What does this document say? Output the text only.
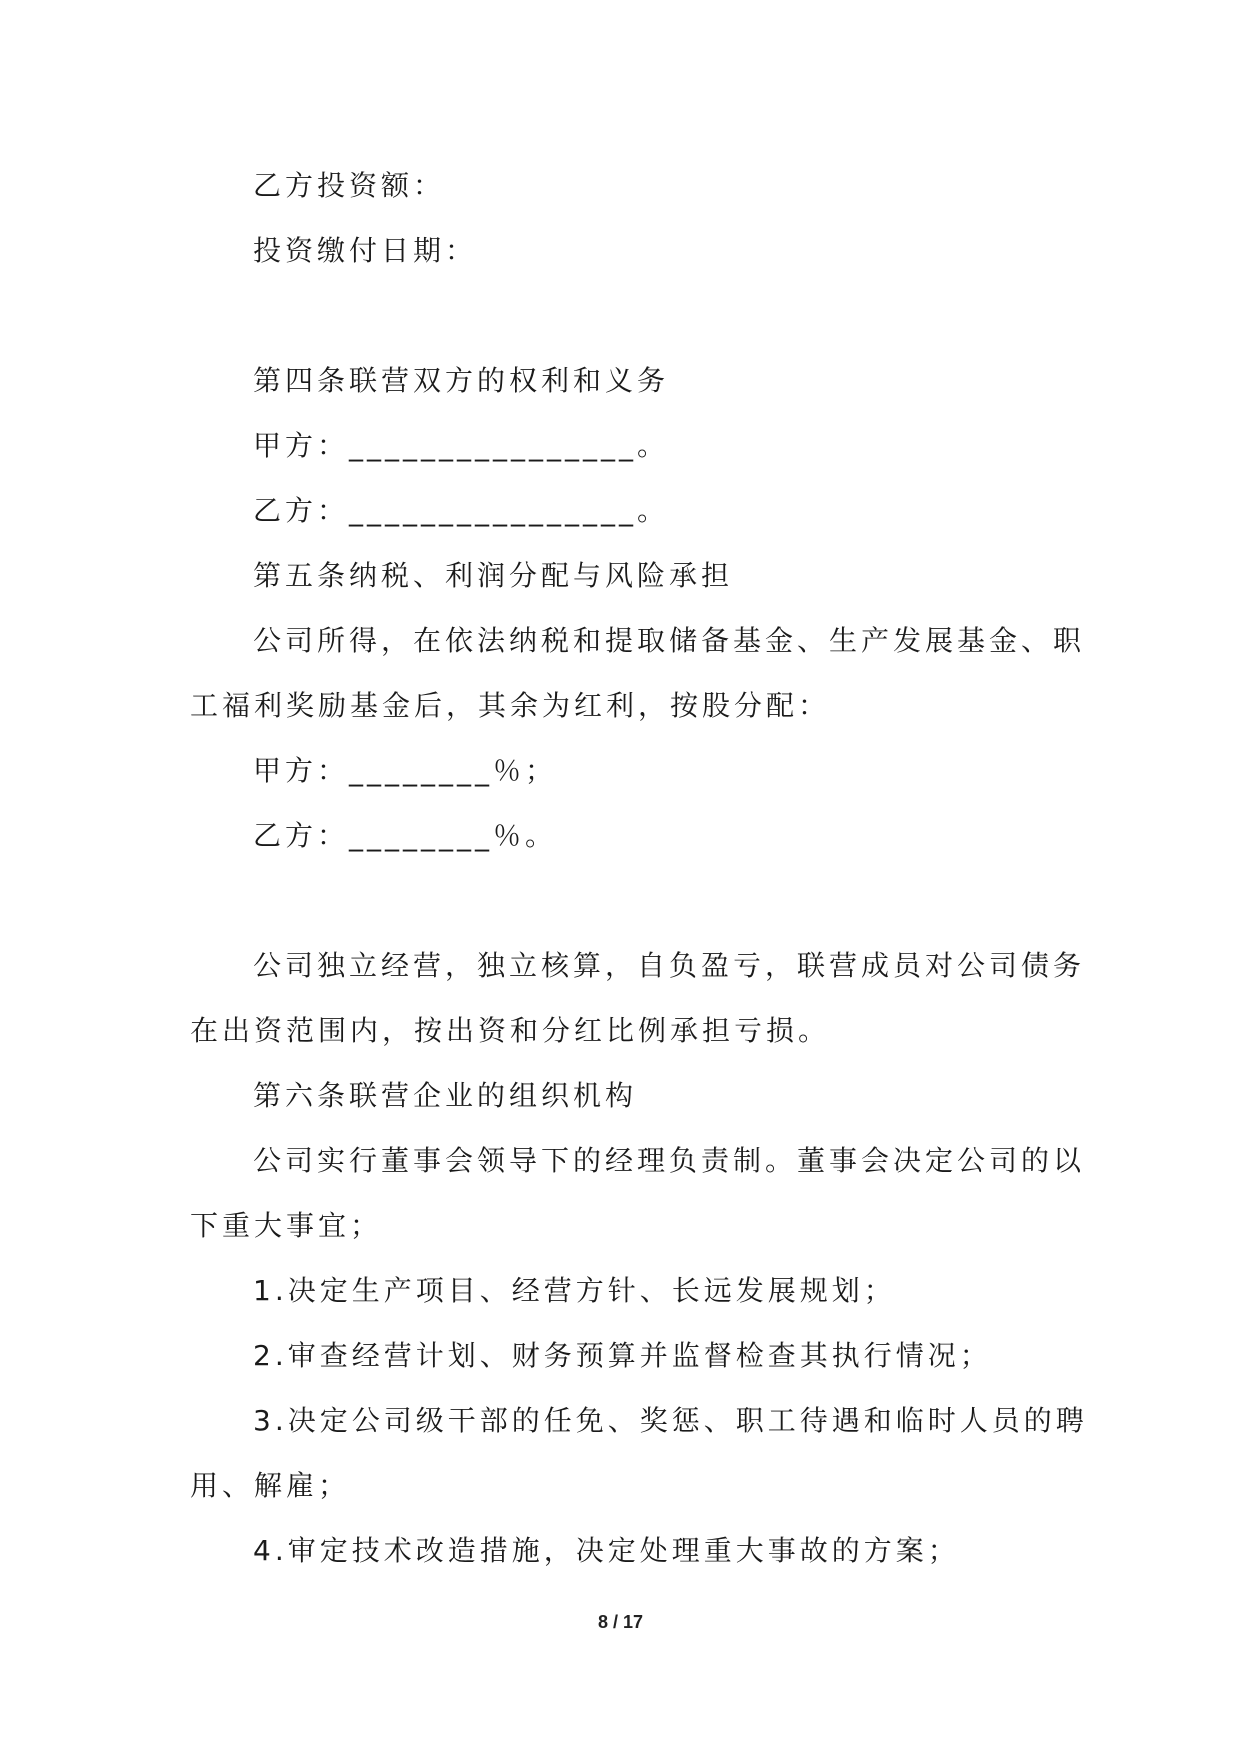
乙方投资额：
投资缴付日期：
第四条联营双方的权利和义务
甲方：________________。
乙方：________________。
第五条纳税、利润分配与风险承担
公司所得，在依法纳税和提取储备基金、生产发展基金、职
工福利奖励基金后，其余为红利，按股分配：
甲方：________％；
乙方：________％。
公司独立经营，独立核算，自负盈亏，联营成员对公司债务
在出资范围内，按出资和分红比例承担亏损。
第六条联营企业的组织机构
公司实行董事会领导下的经理负责制。董事会决定公司的以
下重大事宜；
1.决定生产项目、经营方针、长远发展规划；
2.审查经营计划、财务预算并监督检查其执行情况；
3.决定公司级干部的任免、奖惩、职工待遇和临时人员的聘
用、解雇；
4.审定技术改造措施，决定处理重大事故的方案；
8 / 17
